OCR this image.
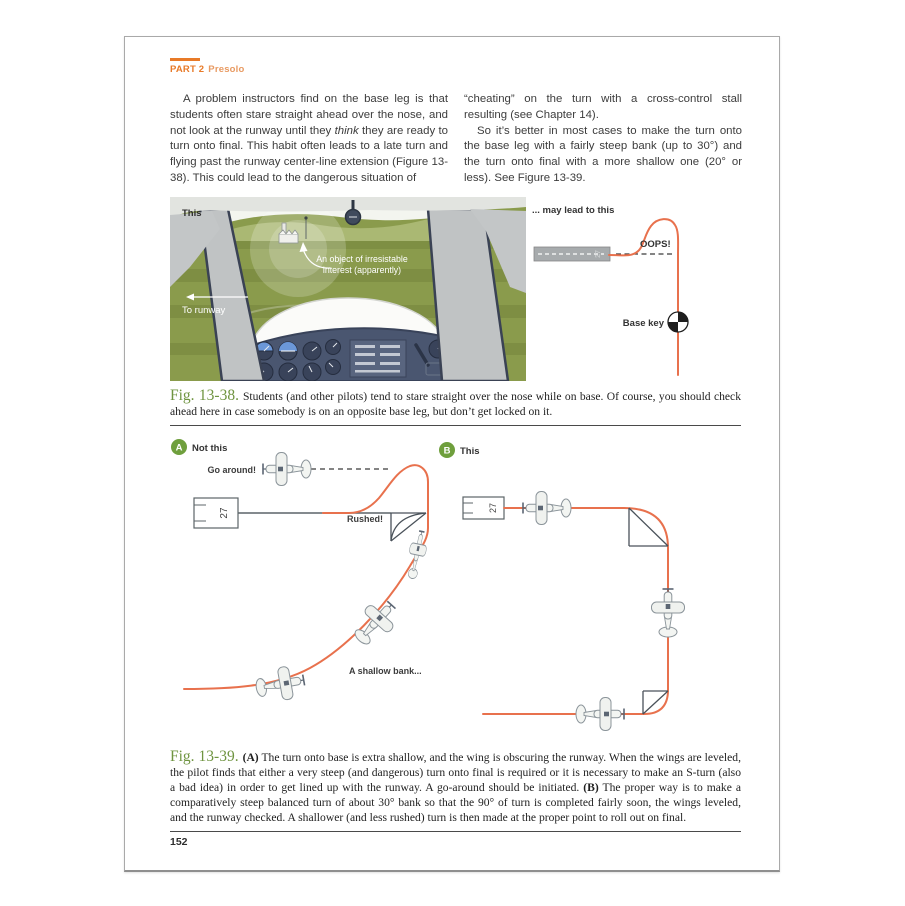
PART 2 Presolo

A problem instructors find on the base leg is that students often stare straight ahead over the nose, and not look at the runway until they think they are ready to turn onto final. This habit often leads to a late turn and flying past the runway center-line extension (Figure 13-38). This could lead to the dangerous situation of

“cheating” on the turn with a cross-control stall resulting (see Chapter 14).

So it’s better in most cases to make the turn onto the base leg with a fairly steep bank (up to 30°) and the turn onto final with a more shallow one (20° or less). See Figure 13-39.

This
To runway
An object of irresistable
interest (apparently)
... may lead to this
27
OOPS!
Base key
Fig. 13-38. Students (and other pilots) tend to stare straight over the nose while on base. Of course, you should check ahead here in case somebody is on an opposite base leg, but don’t get locked on it.
A Not this
27
Go around!
Rushed!
A shallow bank...
B This
27
Fig. 13-39. (A) The turn onto base is extra shallow, and the wing is obscuring the runway. When the wings are leveled, the pilot finds that either a very steep (and dangerous) turn onto final is required or it is necessary to make an S-turn (also a bad idea) in order to get lined up with the runway. A go-around should be initiated. (B) The proper way is to make a comparatively steep balanced turn of about 30° bank so that the 90° of turn is completed fairly soon, the wings leveled, and the runway checked. A shallower (and less rushed) turn is then made at the proper point to roll out on final.
152
